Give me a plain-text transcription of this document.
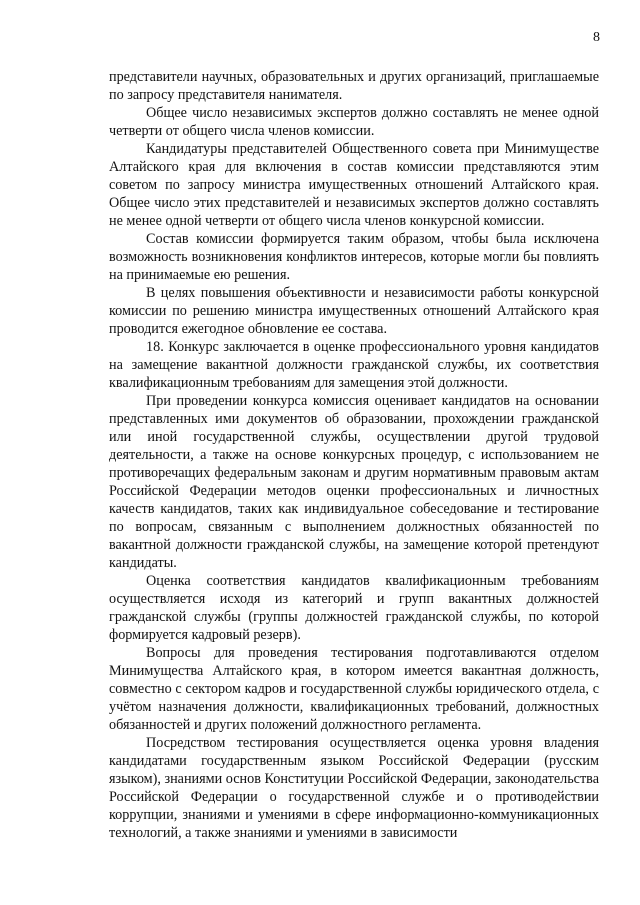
8

представители научных, образовательных и других организаций, приглашаемые по запросу представителя нанимателя.

Общее число независимых экспертов должно составлять не менее одной четверти от общего числа членов комиссии.

Кандидатуры представителей Общественного совета при Минимуществе Алтайского края для включения в состав комиссии представляются этим советом по запросу министра имущественных отношений Алтайского края. Общее число этих представителей и независимых экспертов должно составлять не менее одной четверти от общего числа членов конкурсной комиссии.

Состав комиссии формируется таким образом, чтобы была исключена возможность возникновения конфликтов интересов, которые могли бы повлиять на принимаемые ею решения.

В целях повышения объективности и независимости работы конкурсной комиссии по решению министра имущественных отношений Алтайского края проводится ежегодное обновление ее состава.

18. Конкурс заключается в оценке профессионального уровня кандидатов на замещение вакантной должности гражданской службы, их соответствия квалификационным требованиям для замещения этой должности.

При проведении конкурса комиссия оценивает кандидатов на основании представленных ими документов об образовании, прохождении гражданской или иной государственной службы, осуществлении другой трудовой деятельности, а также на основе конкурсных процедур, с использованием не противоречащих федеральным законам и другим нормативным правовым актам Российской Федерации методов оценки профессиональных и личностных качеств кандидатов, таких как индивидуальное собеседование и тестирование по вопросам, связанным с выполнением должностных обязанностей по вакантной должности гражданской службы, на замещение которой претендуют кандидаты.

Оценка соответствия кандидатов квалификационным требованиям осуществляется исходя из категорий и групп вакантных должностей гражданской службы (группы должностей гражданской службы, по которой формируется кадровый резерв).

Вопросы для проведения тестирования подготавливаются отделом Минимущества Алтайского края, в котором имеется вакантная должность, совместно с сектором кадров и государственной службы юридического отдела, с учётом назначения должности, квалификационных требований, должностных обязанностей и других положений должностного регламента.

Посредством тестирования осуществляется оценка уровня владения кандидатами государственным языком Российской Федерации (русским языком), знаниями основ Конституции Российской Федерации, законодательства Российской Федерации о государственной службе и о противодействии коррупции, знаниями и умениями в сфере информационно-коммуникационных технологий, а также знаниями и умениями в зависимости
